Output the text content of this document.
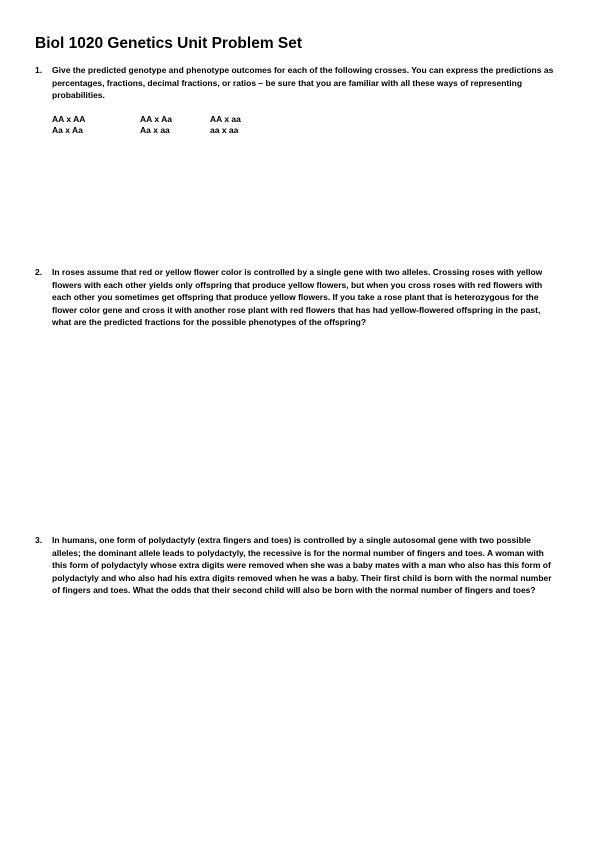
Biol 1020 Genetics Unit Problem Set
1. Give the predicted genotype and phenotype outcomes for each of the following crosses. You can express the predictions as percentages, fractions, decimal fractions, or ratios – be sure that you are familiar with all these ways of representing probabilities.
AA x AA	AA x Aa	AA x aa
Aa x Aa	Aa x aa	aa x aa
2. In roses assume that red or yellow flower color is controlled by a single gene with two alleles. Crossing roses with yellow flowers with each other yields only offspring that produce yellow flowers, but when you cross roses with red flowers with each other you sometimes get offspring that produce yellow flowers. If you take a rose plant that is heterozygous for the flower color gene and cross it with another rose plant with red flowers that has had yellow-flowered offspring in the past, what are the predicted fractions for the possible phenotypes of the offspring?
3. In humans, one form of polydactyly (extra fingers and toes) is controlled by a single autosomal gene with two possible alleles; the dominant allele leads to polydactyly, the recessive is for the normal number of fingers and toes. A woman with this form of polydactyly whose extra digits were removed when she was a baby mates with a man who also has this form of polydactyly and who also had his extra digits removed when he was a baby. Their first child is born with the normal number of fingers and toes. What the odds that their second child will also be born with the normal number of fingers and toes?
